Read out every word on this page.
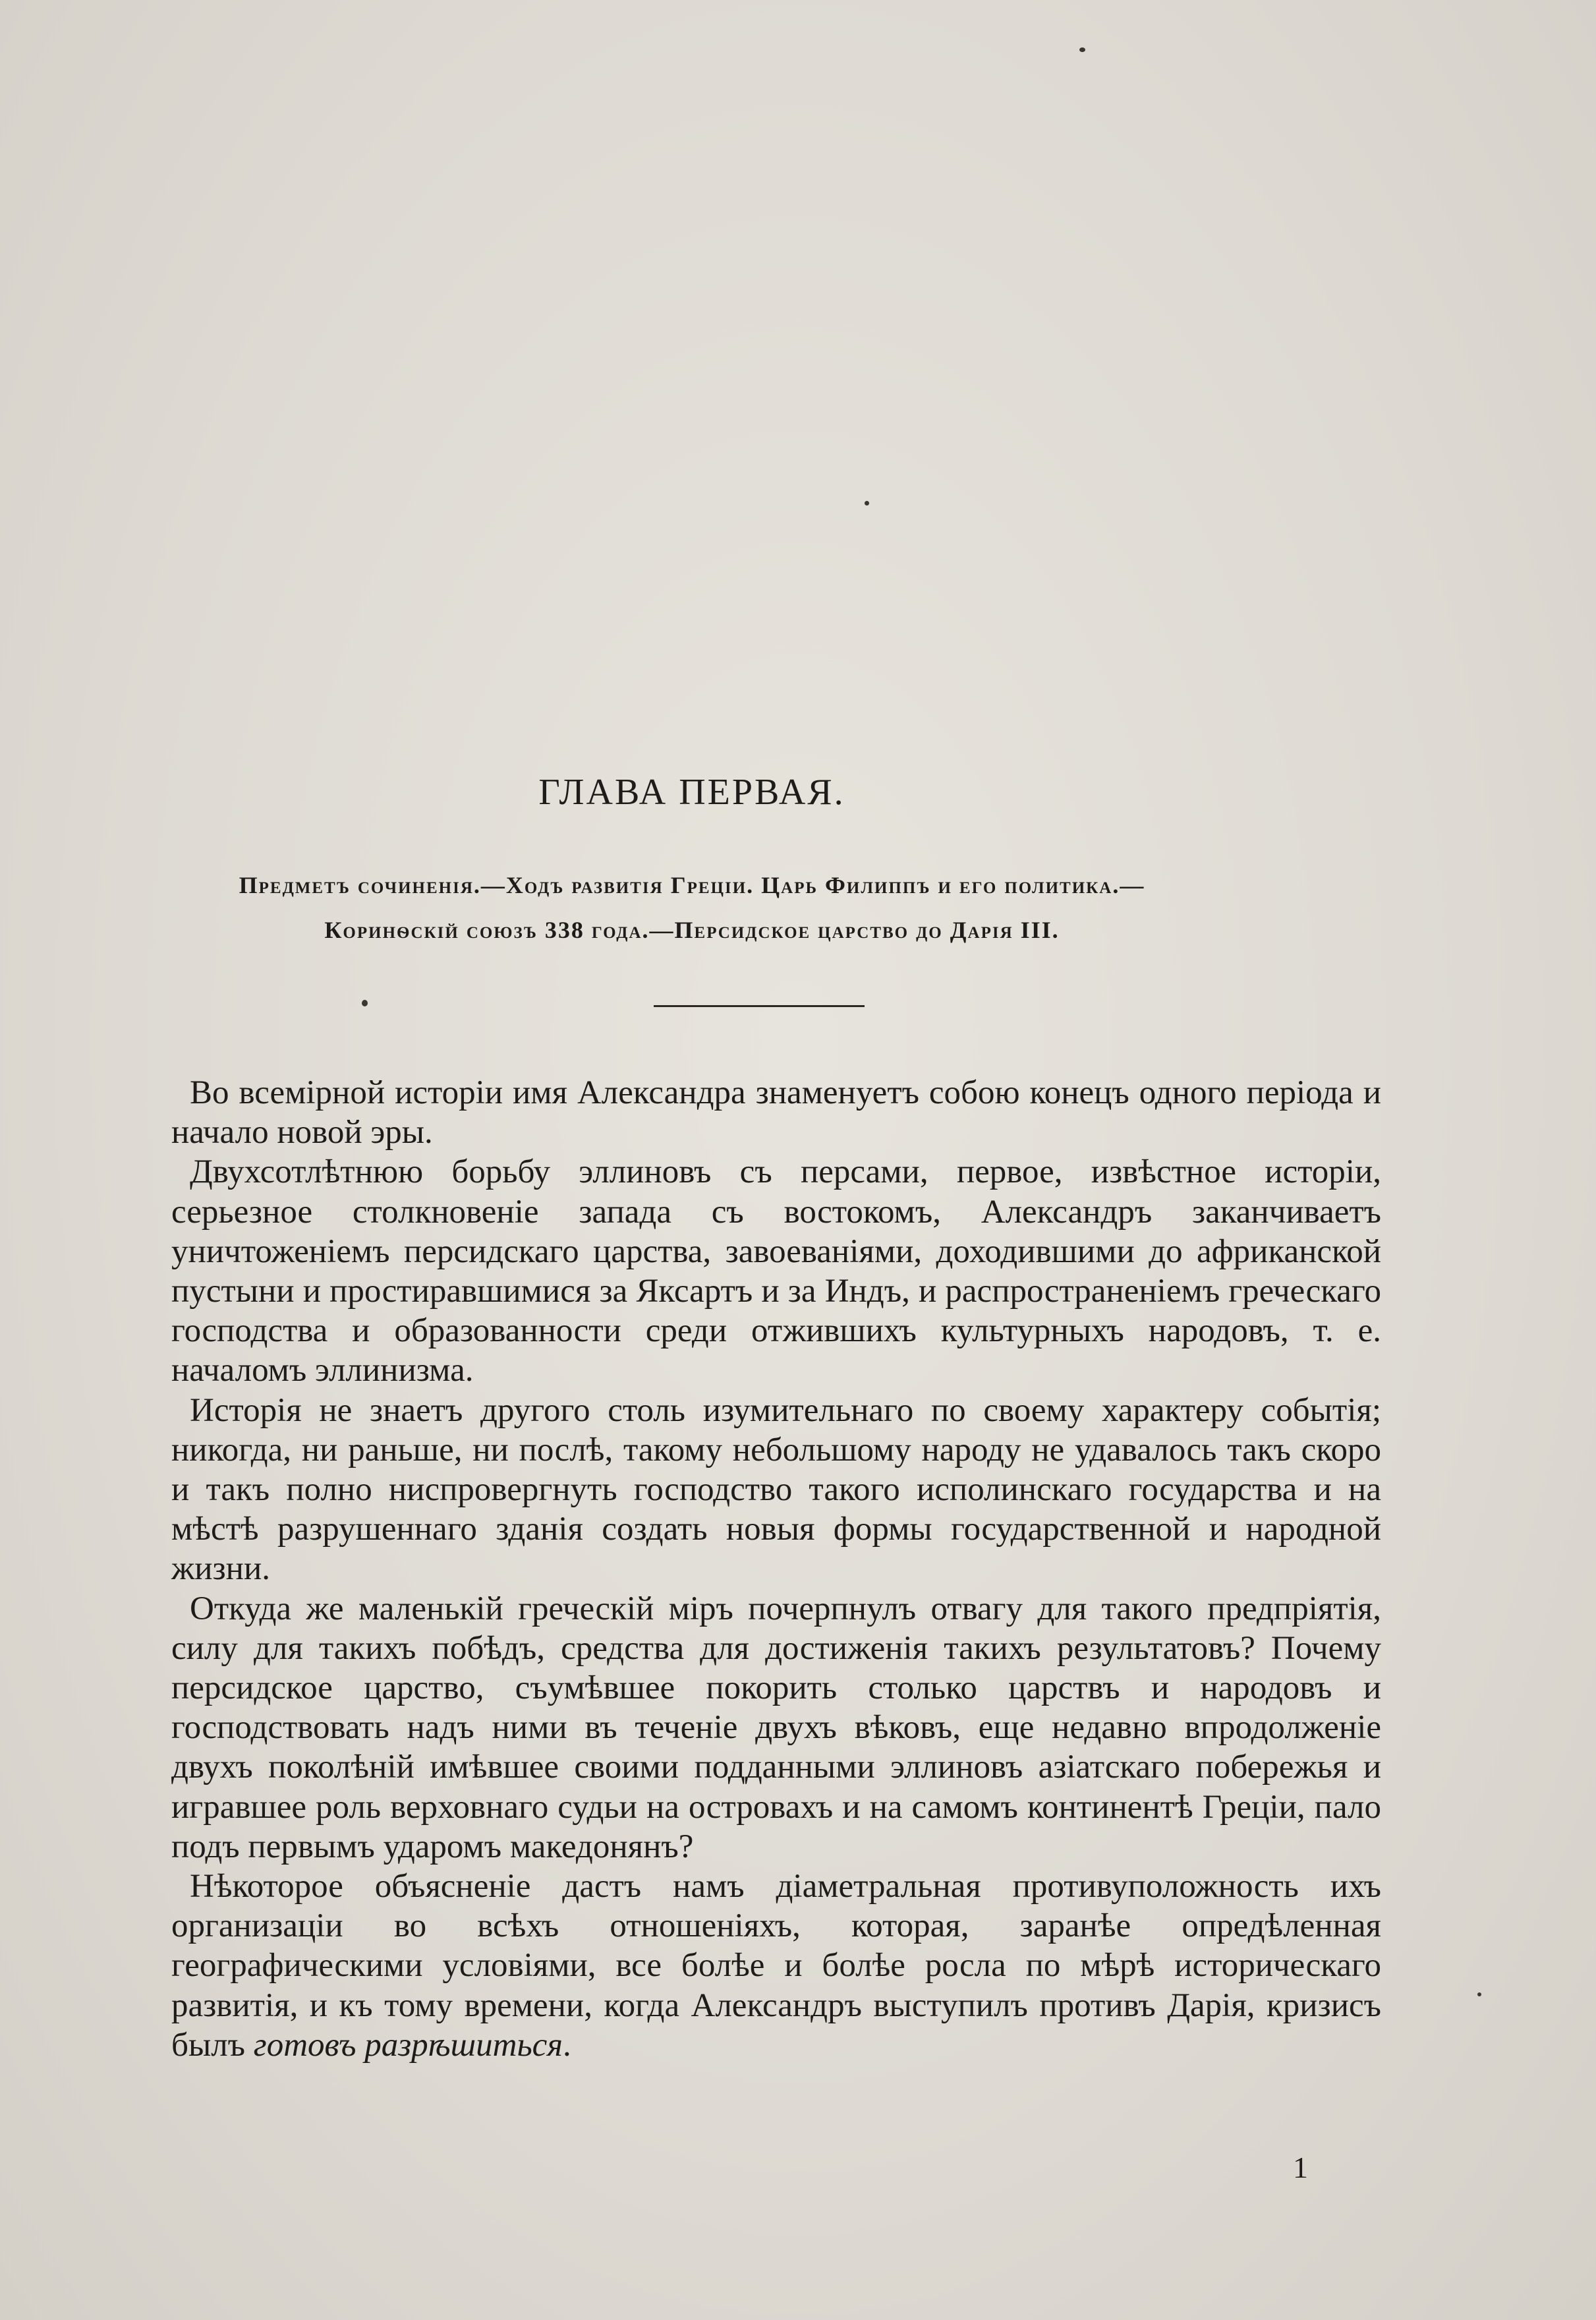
ГЛАВА ПЕРВАЯ.
Предметъ сочиненія.—Ходъ развитія Греціи. Царь Филиппъ и его политика.—
Коринѳскій союзъ 338 года.—Персидское царство до Дарія III.

Во всемірной исторіи имя Александра знаменуетъ собою конецъ одного періода и начало новой эры.

Двухсотлѣтнюю борьбу эллиновъ съ персами, первое, извѣстное исторіи, серьезное столкновеніе запада съ востокомъ, Александръ заканчиваетъ уничтоженіемъ персидскаго царства, завоеваніями, доходившими до африканской пустыни и простиравшимися за Яксартъ и за Индъ, и распространеніемъ греческаго господства и образованности среди отжившихъ культурныхъ народовъ, т. е. началомъ эллинизма.

Исторія не знаетъ другого столь изумительнаго по своему характеру событія; никогда, ни раньше, ни послѣ, такому небольшому народу не удавалось такъ скоро и такъ полно ниспровергнуть господство такого исполинскаго государства и на мѣстѣ разрушеннаго зданія создать новыя формы государственной и народной жизни.

Откуда же маленькій греческій міръ почерпнулъ отвагу для такого предпріятія, силу для такихъ побѣдъ, средства для достиженія такихъ результатовъ? Почему персидское царство, съумѣвшее покорить столько царствъ и народовъ и господствовать надъ ними въ теченіе двухъ вѣковъ, еще недавно впродолженіе двухъ поколѣній имѣвшее своими подданными эллиновъ азіатскаго побережья и игравшее роль верховнаго судьи на островахъ и на самомъ континентѣ Греціи, пало подъ первымъ ударомъ македонянъ?

Нѣкоторое объясненіе дастъ намъ діаметральная противуположность ихъ организаціи во всѣхъ отношеніяхъ, которая, заранѣе опредѣленная географическими условіями, все болѣе и болѣе росла по мѣрѣ историческаго развитія, и къ тому времени, когда Александръ выступилъ противъ Дарія, кризисъ былъ готовъ разрѣшиться.

1
